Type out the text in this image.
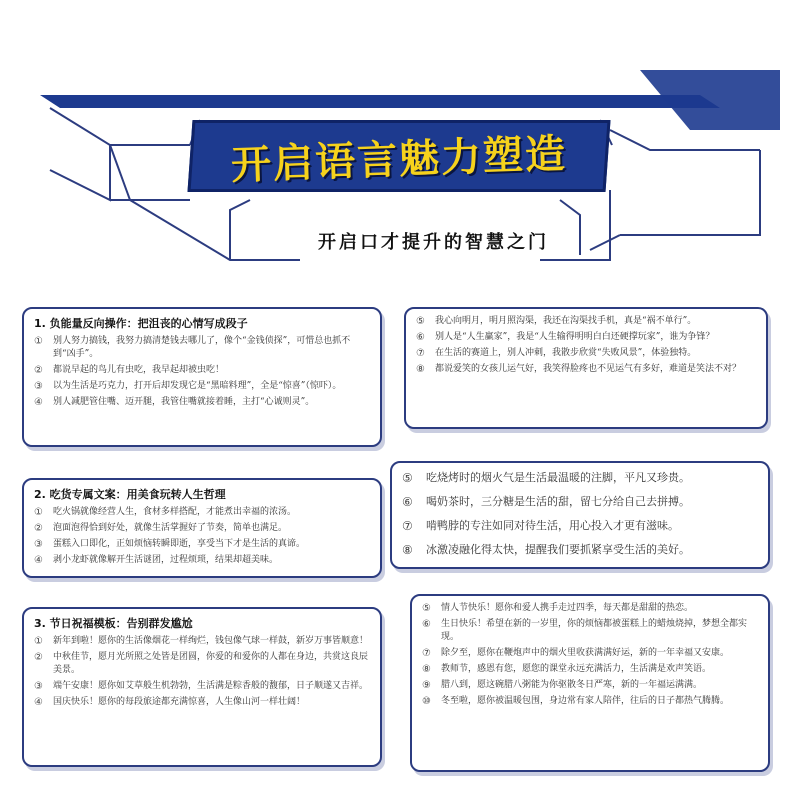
开启语言魅力塑造
开启口才提升的智慧之门
1. 负能量反向操作：把沮丧的心情写成段子
①	别人努力搞钱，我努力搞清楚钱去哪儿了，像个“金钱侦探”，可惜总也抓不到“凶手”。
②	都说早起的鸟儿有虫吃，我早起却被虫吃！
③	以为生活是巧克力，打开后却发现它是“黑暗料理”，全是“惊喜”（惊吓）。
④	别人减肥管住嘴、迈开腿，我管住嘴就接着睡，主打“心诚则灵”。
⑤	我心向明月，明月照沟渠，我还在沟渠找手机，真是“祸不单行”。
⑥	别人是“人生赢家”，我是“人生输得明明白白还硬撑玩家”，谁为争锋？
⑦	在生活的赛道上，别人冲刺，我散步欣赏“失败风景”，体验独特。
⑧	都说爱笑的女孩儿运气好，我笑得脸疼也不见运气有多好，难道是笑法不对？
2. 吃货专属文案：用美食玩转人生哲理
①	吃火锅就像经营人生，食材多样搭配，才能煮出幸福的浓汤。
②	泡面泡得恰到好处，就像生活掌握好了节奏，简单也满足。
③	蛋糕入口即化，正如烦恼转瞬即逝，享受当下才是生活的真谛。
④	剥小龙虾就像解开生活谜团，过程烦琐，结果却超美味。
⑤	吃烧烤时的烟火气是生活最温暖的注脚，平凡又珍贵。
⑥	喝奶茶时，三分糖是生活的甜，留七分给自己去拼搏。
⑦	啃鸭脖的专注如同对待生活，用心投入才更有滋味。
⑧	冰激凌融化得太快，提醒我们要抓紧享受生活的美好。
3. 节日祝福模板：告别群发尴尬
①	新年到啦！愿你的生活像烟花一样绚烂，钱包像气球一样鼓，新岁万事皆顺意！
②	中秋佳节，愿月光所照之处皆是团圆，你爱的和爱你的人都在身边，共赏这良辰美景。
③	端午安康！愿你如艾草般生机勃勃，生活满是粽香般的馥郁，日子顺遂又吉祥。
④	国庆快乐！愿你的每段旅途都充满惊喜，人生像山河一样壮阔！
⑤	情人节快乐！愿你和爱人携手走过四季，每天都是甜甜的热恋。
⑥	生日快乐！希望在新的一岁里，你的烦恼都被蛋糕上的蜡烛烧掉，梦想全都实现。
⑦	除夕至，愿你在鞭炮声中的烟火里收获满满好运，新的一年幸福又安康。
⑧	教师节，感恩有您，愿您的课堂永远充满活力，生活满是欢声笑语。
⑨	腊八到，愿这碗腊八粥能为你驱散冬日严寒，新的一年福运满满。
⑩	冬至啦，愿你被温暖包围，身边常有家人陪伴，往后的日子都热气腾腾。
